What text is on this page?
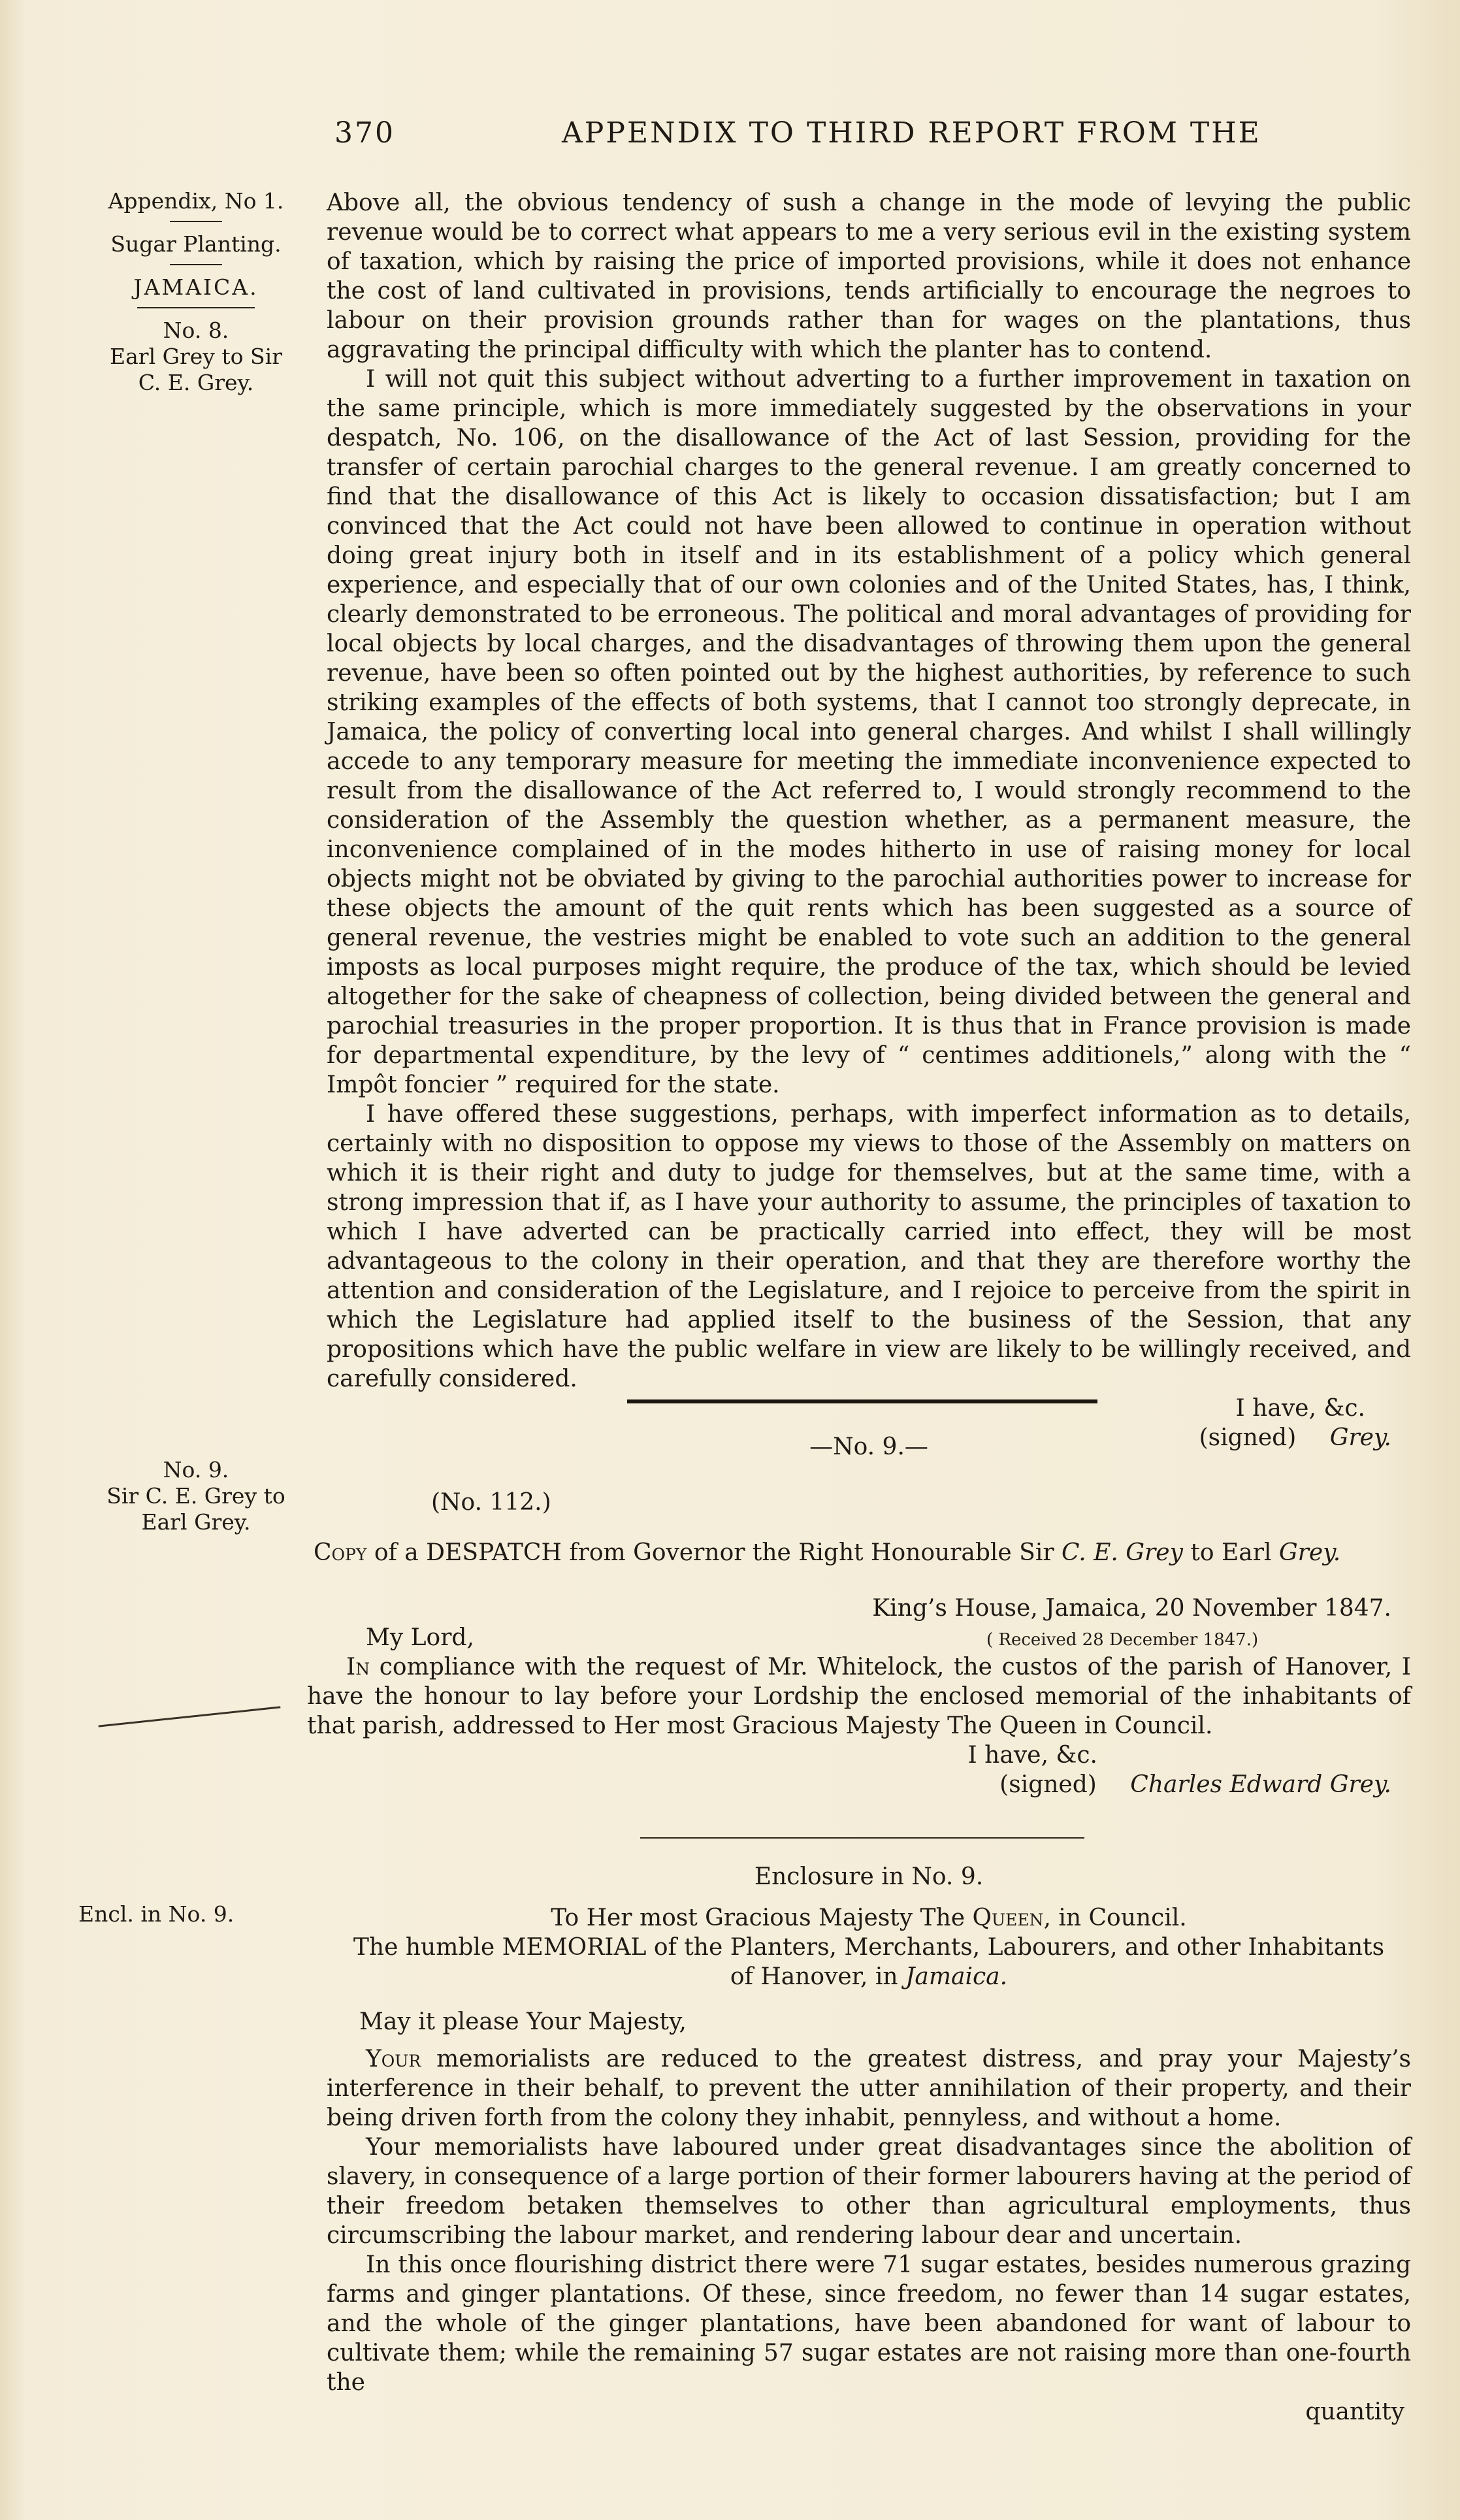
370	APPENDIX TO THIRD REPORT FROM THE
Appendix, No 1.
Sugar Planting.
JAMAICA.
No. 8.
Earl Grey to Sir
C. E. Grey.

Above all, the obvious tendency of sush a change in the mode of levying the public revenue would be to correct what appears to me a very serious evil in the existing system of taxation, which by raising the price of imported provisions, while it does not enhance the cost of land cultivated in provisions, tends artificially to encourage the negroes to labour on their provision grounds rather than for wages on the plantations, thus aggravating the principal difficulty with which the planter has to contend.

I will not quit this subject without adverting to a further improvement in taxation on the same principle, which is more immediately suggested by the observations in your despatch, No. 106, on the disallowance of the Act of last Session, providing for the transfer of certain parochial charges to the general revenue. I am greatly concerned to find that the disallowance of this Act is likely to occasion dissatisfaction; but I am convinced that the Act could not have been allowed to continue in operation without doing great injury both in itself and in its establishment of a policy which general experience, and especially that of our own colonies and of the United States, has, I think, clearly demonstrated to be erroneous. The political and moral advantages of providing for local objects by local charges, and the disadvantages of throwing them upon the general revenue, have been so often pointed out by the highest authorities, by reference to such striking examples of the effects of both systems, that I cannot too strongly deprecate, in Jamaica, the policy of converting local into general charges. And whilst I shall willingly accede to any temporary measure for meeting the immediate inconvenience expected to result from the disallowance of the Act referred to, I would strongly recommend to the consideration of the Assembly the question whether, as a permanent measure, the inconvenience complained of in the modes hitherto in use of raising money for local objects might not be obviated by giving to the parochial authorities power to increase for these objects the amount of the quit rents which has been suggested as a source of general revenue, the vestries might be enabled to vote such an addition to the general imposts as local purposes might require, the produce of the tax, which should be levied altogether for the sake of cheapness of collection, being divided between the general and parochial treasuries in the proper proportion. It is thus that in France provision is made for departmental expenditure, by the levy of “ centimes additionels,” along with the “ Impôt foncier ” required for the state.

I have offered these suggestions, perhaps, with imperfect information as to details, certainly with no disposition to oppose my views to those of the Assembly on matters on which it is their right and duty to judge for themselves, but at the same time, with a strong impression that if, as I have your authority to assume, the principles of taxation to which I have adverted can be practically carried into effect, they will be most advantageous to the colony in their operation, and that they are therefore worthy the attention and consideration of the Legislature, and I rejoice to perceive from the spirit in which the Legislature had applied itself to the business of the Session, that any propositions which have the public welfare in view are likely to be willingly received, and carefully considered.

I have, &c.
(signed) Grey.
No. 9.
Sir C. E. Grey to
Earl Grey.
—No. 9.—
(No. 112.)
Copy of a DESPATCH from Governor the Right Honourable Sir C. E. Grey to Earl Grey.
King’s House, Jamaica, 20 November 1847.
My Lord,	( Received 28 December 1847.)

In compliance with the request of Mr. Whitelock, the custos of the parish of Hanover, I have the honour to lay before your Lordship the enclosed memorial of the inhabitants of that parish, addressed to Her most Gracious Majesty The Queen in Council.

I have, &c.
(signed) Charles Edward Grey.
Encl. in No. 9.
Enclosure in No. 9.
To Her most Gracious Majesty The Queen, in Council.
The humble MEMORIAL of the Planters, Merchants, Labourers, and other Inhabitants
of Hanover, in Jamaica.
May it please Your Majesty,

Your memorialists are reduced to the greatest distress, and pray your Majesty’s interference in their behalf, to prevent the utter annihilation of their property, and their being driven forth from the colony they inhabit, pennyless, and without a home.

Your memorialists have laboured under great disadvantages since the abolition of slavery, in consequence of a large portion of their former labourers having at the period of their freedom betaken themselves to other than agricultural employments, thus circumscribing the labour market, and rendering labour dear and uncertain.

In this once flourishing district there were 71 sugar estates, besides numerous grazing farms and ginger plantations. Of these, since freedom, no fewer than 14 sugar estates, and the whole of the ginger plantations, have been abandoned for want of labour to cultivate them; while the remaining 57 sugar estates are not raising more than one-fourth the

quantity
